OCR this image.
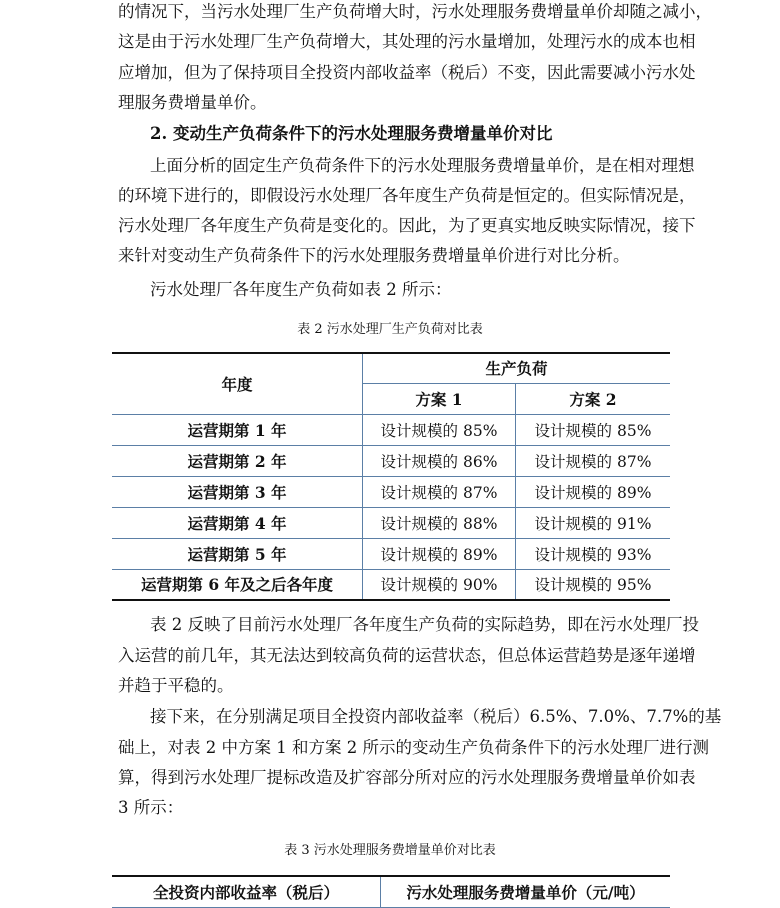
的情况下，当污水处理厂生产负荷增大时，污水处理服务费增量单价却随之减小，
这是由于污水处理厂生产负荷增大，其处理的污水量增加，处理污水的成本也相
应增加，但为了保持项目全投资内部收益率（税后）不变，因此需要减小污水处
理服务费增量单价。
2. 变动生产负荷条件下的污水处理服务费增量单价对比
上面分析的固定生产负荷条件下的污水处理服务费增量单价，是在相对理想
的环境下进行的，即假设污水处理厂各年度生产负荷是恒定的。但实际情况是，
污水处理厂各年度生产负荷是变化的。因此，为了更真实地反映实际情况，接下
来针对变动生产负荷条件下的污水处理服务费增量单价进行对比分析。
污水处理厂各年度生产负荷如表 2 所示：
表 2 污水处理厂生产负荷对比表
年度	生产负荷	
	方案 1	方案 2
运营期第 1 年	设计规模的 85%	设计规模的 85%
运营期第 2 年	设计规模的 86%	设计规模的 87%
运营期第 3 年	设计规模的 87%	设计规模的 89%
运营期第 4 年	设计规模的 88%	设计规模的 91%
运营期第 5 年	设计规模的 89%	设计规模的 93%
运营期第 6 年及之后各年度	设计规模的 90%	设计规模的 95%
表 2 反映了目前污水处理厂各年度生产负荷的实际趋势，即在污水处理厂投
入运营的前几年，其无法达到较高负荷的运营状态，但总体运营趋势是逐年递增
并趋于平稳的。
接下来，在分别满足项目全投资内部收益率（税后）6.5%、7.0%、7.7%的基
础上，对表 2 中方案 1 和方案 2 所示的变动生产负荷条件下的污水处理厂进行测
算，得到污水处理厂提标改造及扩容部分所对应的污水处理服务费增量单价如表
3 所示：
表 3 污水处理服务费增量单价对比表
全投资内部收益率（税后）	污水处理服务费增量单价（元/吨）
